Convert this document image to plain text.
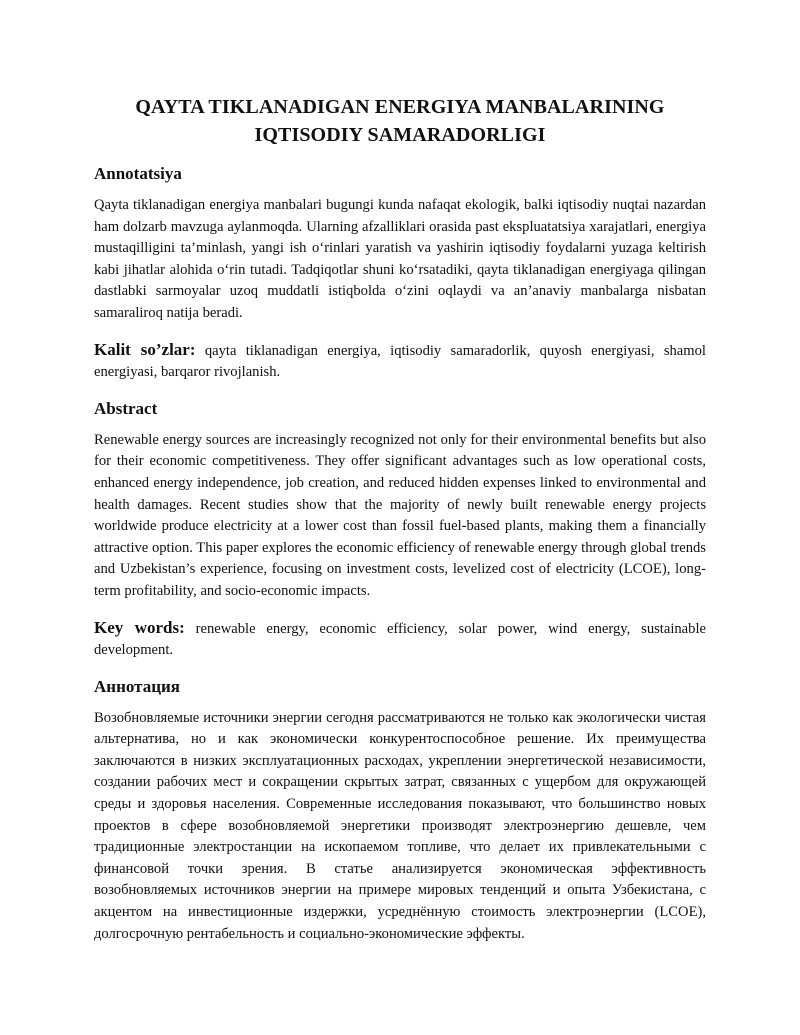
QAYTA TIKLANADIGAN ENERGIYA MANBALARINING
IQTISODIY SAMARADORLIGI
Annotatsiya

Qayta tiklanadigan energiya manbalari bugungi kunda nafaqat ekologik, balki iqtisodiy nuqtai nazardan ham dolzarb mavzuga aylanmoqda. Ularning afzalliklari orasida past ekspluatatsiya xarajatlari, energiya mustaqilligini ta’minlash, yangi ish o‘rinlari yaratish va yashirin iqtisodiy foydalarni yuzaga keltirish kabi jihatlar alohida o‘rin tutadi. Tadqiqotlar shuni ko‘rsatadiki, qayta tiklanadigan energiyaga qilingan dastlabki sarmoyalar uzoq muddatli istiqbolda o‘zini oqlaydi va an’anaviy manbalarga nisbatan samaraliroq natija beradi.

Kalit so’zlar: qayta tiklanadigan energiya, iqtisodiy samaradorlik, quyosh energiyasi, shamol energiyasi, barqaror rivojlanish.

Abstract

Renewable energy sources are increasingly recognized not only for their environmental benefits but also for their economic competitiveness. They offer significant advantages such as low operational costs, enhanced energy independence, job creation, and reduced hidden expenses linked to environmental and health damages. Recent studies show that the majority of newly built renewable energy projects worldwide produce electricity at a lower cost than fossil fuel-based plants, making them a financially attractive option. This paper explores the economic efficiency of renewable energy through global trends and Uzbekistan’s experience, focusing on investment costs, levelized cost of electricity (LCOE), long-term profitability, and socio-economic impacts.

Key words: renewable energy, economic efficiency, solar power, wind energy, sustainable development.

Аннотация

Возобновляемые источники энергии сегодня рассматриваются не только как экологически чистая альтернатива, но и как экономически конкурентоспособное решение. Их преимущества заключаются в низких эксплуатационных расходах, укреплении энергетической независимости, создании рабочих мест и сокращении скрытых затрат, связанных с ущербом для окружающей среды и здоровья населения. Современные исследования показывают, что большинство новых проектов в сфере возобновляемой энергетики производят электроэнергию дешевле, чем традиционные электростанции на ископаемом топливе, что делает их привлекательными с финансовой точки зрения. В статье анализируется экономическая эффективность возобновляемых источников энергии на примере мировых тенденций и опыта Узбекистана, с акцентом на инвестиционные издержки, усреднённую стоимость электроэнергии (LCOE), долгосрочную рентабельность и социально-экономические эффекты.
